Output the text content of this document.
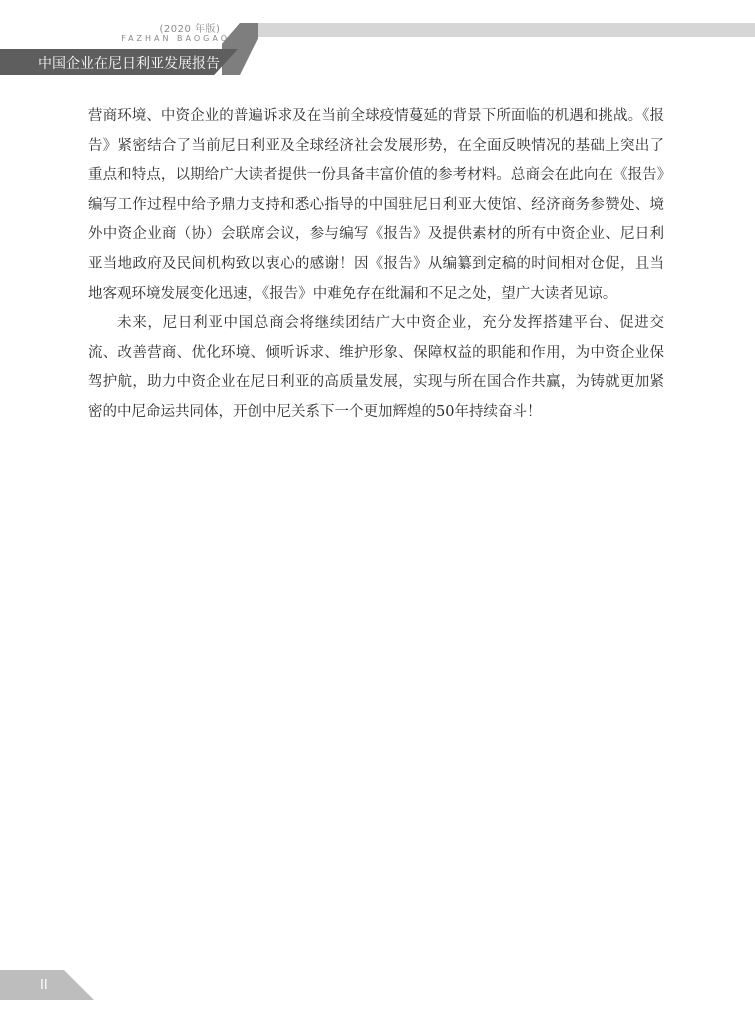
(2020 年版)
FAZHAN BAOGAO
中国企业在尼日利亚发展报告

营商环境、中资企业的普遍诉求及在当前全球疫情蔓延的背景下所面临的机遇和挑战。《报告》紧密结合了当前尼日利亚及全球经济社会发展形势，在全面反映情况的基础上突出了重点和特点，以期给广大读者提供一份具备丰富价值的参考材料。总商会在此向在《报告》编写工作过程中给予鼎力支持和悉心指导的中国驻尼日利亚大使馆、经济商务参赞处、境外中资企业商（协）会联席会议，参与编写《报告》及提供素材的所有中资企业、尼日利亚当地政府及民间机构致以衷心的感谢！因《报告》从编纂到定稿的时间相对仓促，且当地客观环境发展变化迅速，《报告》中难免存在纰漏和不足之处，望广大读者见谅。

未来，尼日利亚中国总商会将继续团结广大中资企业，充分发挥搭建平台、促进交流、改善营商、优化环境、倾听诉求、维护形象、保障权益的职能和作用，为中资企业保驾护航，助力中资企业在尼日利亚的高质量发展，实现与所在国合作共赢，为铸就更加紧密的中尼命运共同体，开创中尼关系下一个更加辉煌的50年持续奋斗！

II
